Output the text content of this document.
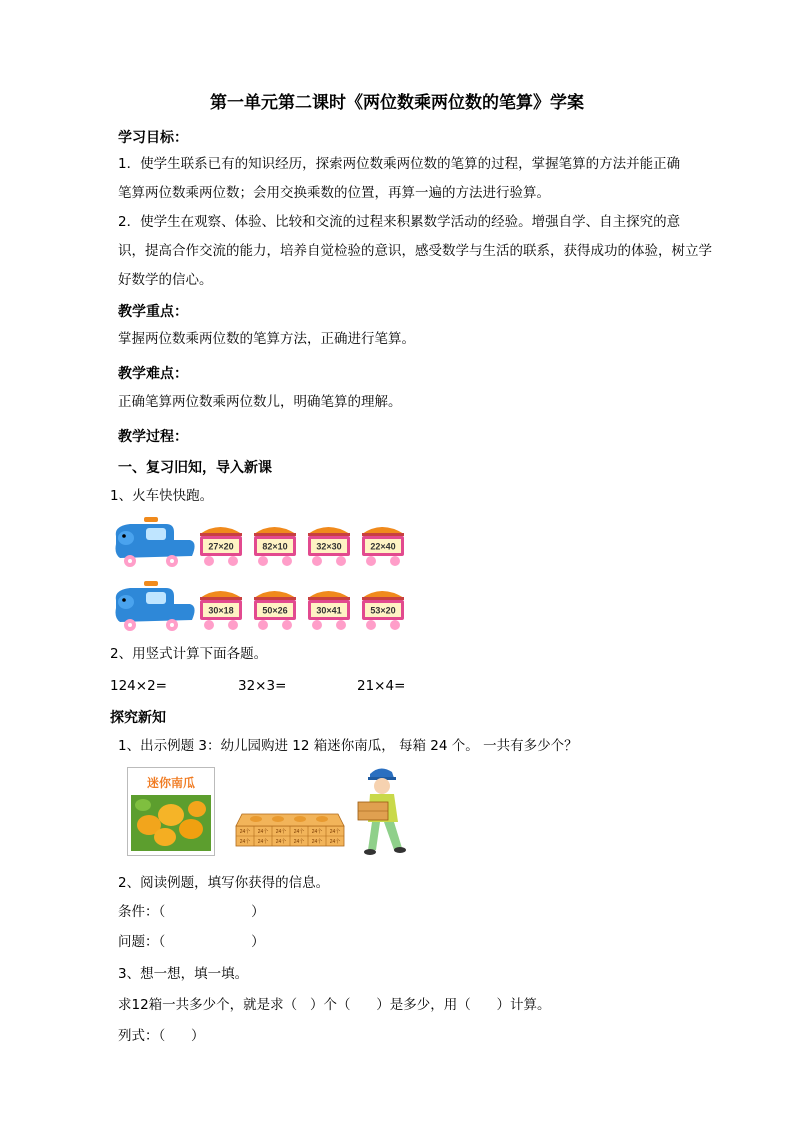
第一单元第二课时《两位数乘两位数的笔算》学案
学习目标：
1．使学生联系已有的知识经历，探索两位数乘两位数的笔算的过程，掌握笔算的方法并能正确
笔算两位数乘两位数；会用交换乘数的位置，再算一遍的方法进行验算。
2．使学生在观察、体验、比较和交流的过程来积累数学活动的经验。增强自学、自主探究的意
识，提高合作交流的能力，培养自觉检验的意识，感受数学与生活的联系，获得成功的体验，树立学
好数学的信心。
教学重点：
掌握两位数乘两位数的笔算方法，正确进行笔算。
教学难点：
正确笔算两位数乘两位数儿，明确笔算的理解。
教学过程：
一、复习旧知，导入新课
1、火车快快跑。
27×20	82×10	32×30	22×40
30×18	50×26	30×41	53×20
2、用竖式计算下面各题。
124×2=	32×3=	21×4=
探究新知
1、出示例题 3：幼儿园购进 12 箱迷你南瓜， 每箱 24 个。 一共有多少个？
迷你南瓜
24个 24个 24个 24个 24个 24个
24个 24个 24个 24个 24个 24个
2、阅读例题，填写你获得的信息。
条件：（                    ）
问题：（                    ）
3、想一想，填一填。
求12箱一共多少个，就是求（   ）个（      ）是多少，用（      ）计算。
列式：（      ）
